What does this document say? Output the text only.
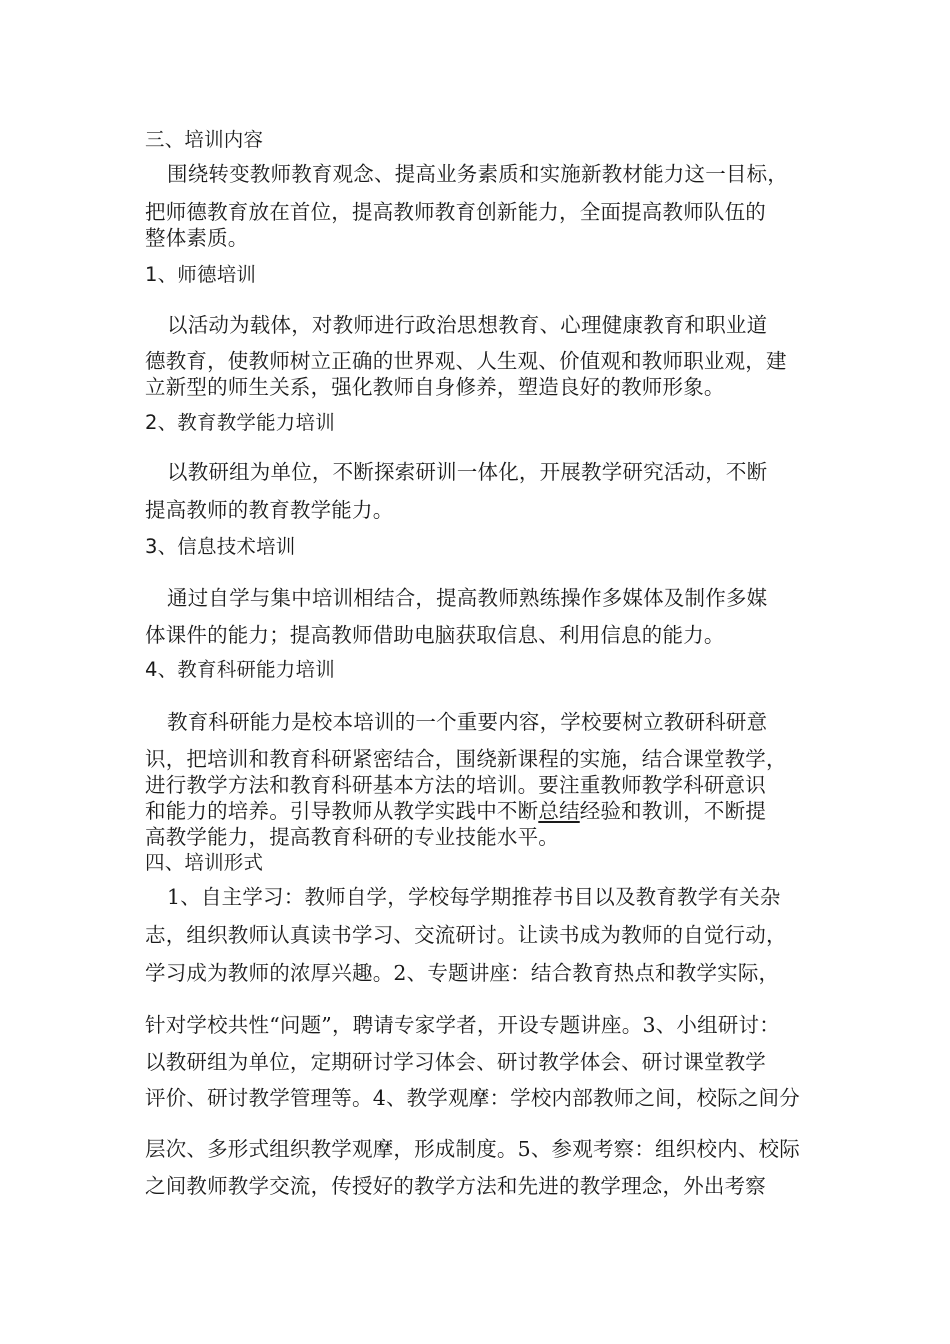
三、培训内容
围绕转变教师教育观念、提高业务素质和实施新教材能力这一目标，
把师德教育放在首位，提高教师教育创新能力，全面提高教师队伍的
整体素质。
1、师德培训
以活动为载体，对教师进行政治思想教育、心理健康教育和职业道
德教育，使教师树立正确的世界观、人生观、价值观和教师职业观，建
立新型的师生关系，强化教师自身修养，塑造良好的教师形象。
2、教育教学能力培训
以教研组为单位，不断探索研训一体化，开展教学研究活动，不断
提高教师的教育教学能力。
3、信息技术培训
通过自学与集中培训相结合，提高教师熟练操作多媒体及制作多媒
体课件的能力；提高教师借助电脑获取信息、利用信息的能力。
4、教育科研能力培训
教育科研能力是校本培训的一个重要内容，学校要树立教研科研意
识，把培训和教育科研紧密结合，围绕新课程的实施，结合课堂教学，
进行教学方法和教育科研基本方法的培训。要注重教师教学科研意识
和能力的培养。引导教师从教学实践中不断总结经验和教训，不断提
高教学能力，提高教育科研的专业技能水平。
四、培训形式
1、自主学习：教师自学，学校每学期推荐书目以及教育教学有关杂
志，组织教师认真读书学习、交流研讨。让读书成为教师的自觉行动，
学习成为教师的浓厚兴趣。2、专题讲座：结合教育热点和教学实际，
针对学校共性“问题”，聘请专家学者，开设专题讲座。3、小组研讨：
以教研组为单位，定期研讨学习体会、研讨教学体会、研讨课堂教学
评价、研讨教学管理等。4、教学观摩：学校内部教师之间，校际之间分
层次、多形式组织教学观摩，形成制度。5、参观考察：组织校内、校际
之间教师教学交流，传授好的教学方法和先进的教学理念，外出考察
